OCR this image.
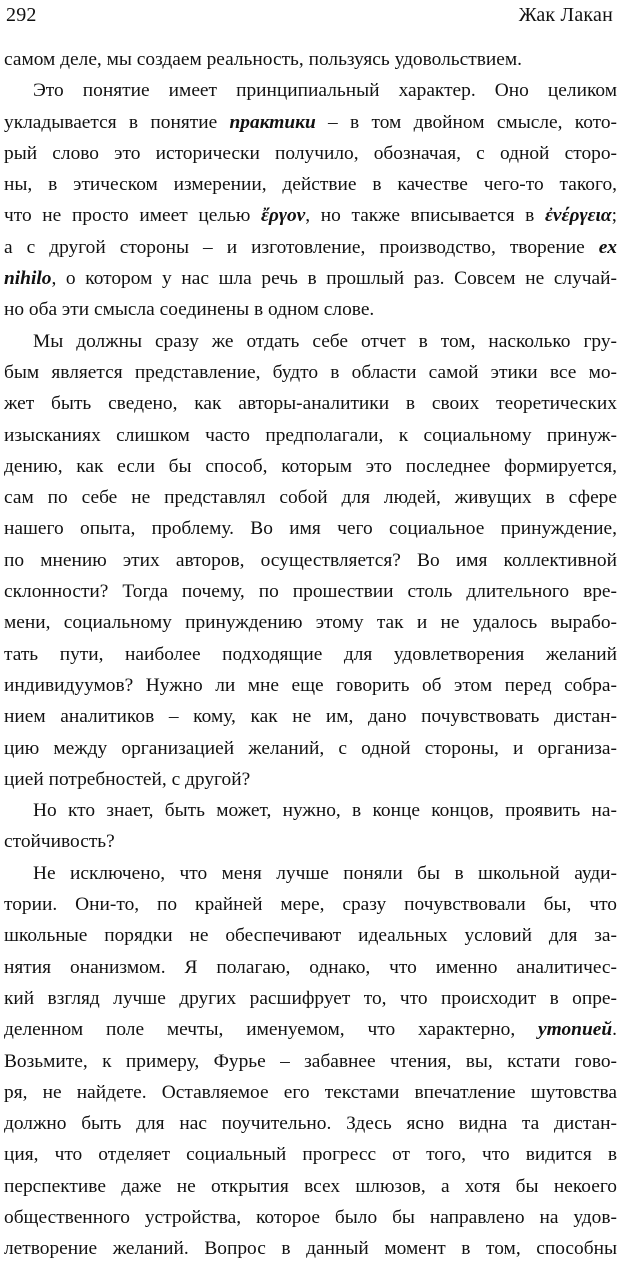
292	Жак Лакан
самом деле, мы создаем реальность, пользуясь удовольствием.
Это понятие имеет принципиальный характер. Оно целиком
укладывается в понятие практики – в том двойном смысле, кото-
рый слово это исторически получило, обозначая, с одной сторо-
ны, в этическом измерении, действие в качестве чего-то такого,
что не просто имеет целью ἔργον, но также вписывается в ἐνέργεια;
а с другой стороны – и изготовление, производство, творение ex
nihilo, о котором у нас шла речь в прошлый раз. Совсем не случай-
но оба эти смысла соединены в одном слове.
Мы должны сразу же отдать себе отчет в том, насколько гру-
бым является представление, будто в области самой этики все мо-
жет быть сведено, как авторы-аналитики в своих теоретических
изысканиях слишком часто предполагали, к социальному принуж-
дению, как если бы способ, которым это последнее формируется,
сам по себе не представлял собой для людей, живущих в сфере
нашего опыта, проблему. Во имя чего социальное принуждение,
по мнению этих авторов, осуществляется? Во имя коллективной
склонности? Тогда почему, по прошествии столь длительного вре-
мени, социальному принуждению этому так и не удалось вырабо-
тать пути, наиболее подходящие для удовлетворения желаний
индивидуумов? Нужно ли мне еще говорить об этом перед собра-
нием аналитиков – кому, как не им, дано почувствовать дистан-
цию между организацией желаний, с одной стороны, и организа-
цией потребностей, с другой?
Но кто знает, быть может, нужно, в конце концов, проявить на-
стойчивость?
Не исключено, что меня лучше поняли бы в школьной ауди-
тории. Они-то, по крайней мере, сразу почувствовали бы, что
школьные порядки не обеспечивают идеальных условий для за-
нятия онанизмом. Я полагаю, однако, что именно аналитичес-
кий взгляд лучше других расшифрует то, что происходит в опре-
деленном поле мечты, именуемом, что характерно, утопией.
Возьмите, к примеру, Фурье – забавнее чтения, вы, кстати гово-
ря, не найдете. Оставляемое его текстами впечатление шутовства
должно быть для нас поучительно. Здесь ясно видна та дистан-
ция, что отделяет социальный прогресс от того, что видится в
перспективе даже не открытия всех шлюзов, а хотя бы некоего
общественного устройства, которое было бы направлено на удов-
летворение желаний. Вопрос в данный момент в том, способны
